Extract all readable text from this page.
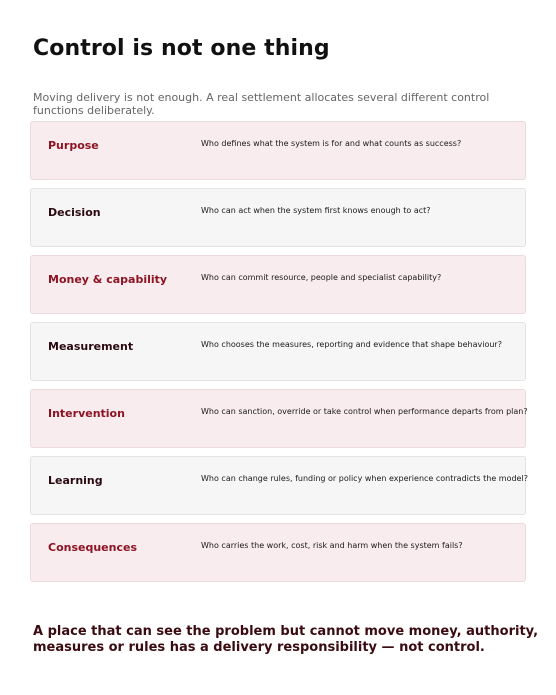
Control is not one thing

Moving delivery is not enough. A real settlement allocates several different control functions deliberately.

Purpose	Who defines what the system is for and what counts as success?
Decision	Who can act when the system first knows enough to act?
Money & capability	Who can commit resource, people and specialist capability?
Measurement	Who chooses the measures, reporting and evidence that shape behaviour?
Intervention	Who can sanction, override or take control when performance departs from plan?
Learning	Who can change rules, funding or policy when experience contradicts the model?
Consequences	Who carries the work, cost, risk and harm when the system fails?

A place that can see the problem but cannot move money, authority, measures or rules has a delivery responsibility — not control.
